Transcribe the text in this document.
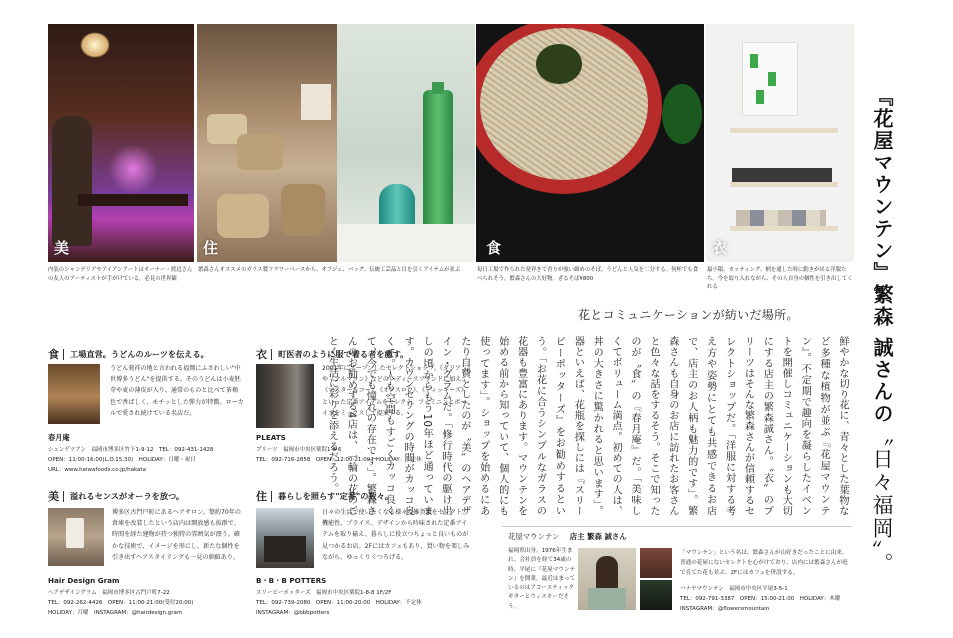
美	住	食	衣
内装のシャンデリアやアイアンアートはオーナー・渡辺さんの友人のアーティストが手がけている。必見の世界観
繁森さんオススメのガラス製フラワーベースから、オブジェ、バッグ、伝統工芸品と目を引くアイテムが並ぶ	毎日工場で作られた発祥きで香りが強い細めのそば。うどんと人気を二分する。何杯でも食べられそう。繁森さんの大好物。ざるそば¥800
最小限、カッティング、柄を通した時に動きが出る洋服たち。今を取り入れながら、その人自身の個性を引き出してくれる
『花屋マウンテン』繁森 誠さんの〝日々福岡〟。
鮮やかな切り花に、青々とした葉物など多種な植物が並ぶ『花屋マウンテン』。不定期で趣向を凝らしたイベントを開催しコミュニケーションも大切にする店主の繁森誠さん。〝衣〟のプリーツはそんな繁森さんが信頼するセレクトショップだ。「洋服に対する考え方や姿勢にとても共感できるお店で、店主のお人柄も魅力的です」。繁森さんも自身のお店に訪れたお客さんと色々な話をするそう。そこで知ったのが〝食〟の『春月庵』だ。「美味しくてボリューム満点。初めての人は、丼の大きさに驚かれると思います」。器といえば、花瓶を探しには『スリーピーポッターズ』をお勧めするという。「お花に合うシンプルなガラスの花器も豊富にあります。マウンテンを始める前から知っていて、個人的にも使ってます」。ショップを始めるにあたり自費としたのが〝美〟のヘアデザイン・グラムだ。「修行時代の駆け出しの頃からもう10年ほど通っています。カウンセリングの時間がカッコ良くて。人も空間もすごくカッコ良くて、今でも憧れの存在です」。繁森さんのお勧めする4店は、一輪の花のごとく生活に彩りを添えるだろう。
花とコミュニケーションが紡いだ場所。
食 工場直営。うどんのルーツを伝える。
うどん発祥の地と言われる福岡にふさわしい"中世博多うどん"を提供する。そのうどんは小麦胚芽や麦の薄皮が入り、通常のものと比べて茶褐色で香ばしく、モチッとした弾力が特徴。ローカルで愛され続けている名店だ。
春月庵
シュンゲツアン　福岡市博多区竹下1-9-12　TEL：092-431-1428
OPEN：11:00-16:00(L.O.15:30)　HOLIDAY：日曜・祝日
URL：www.heiwafoods.co.jp/hakata
衣 町医者のように服で着る者を癒す。
2001年にオープンしたセレクトショップ。《ダリアン》や《マルマリン》などのレディースブランドに加え、《マスター＆コー》、《オアスロウ》、《ディッキーズ》といった定番アイテムをセレクト。フェミニンとボーイズをミックスして提案する。
PLEATS
プリーツ　福岡市中央区薬院1-8-6
TEL：092-716-2858　OPEN：12:00-21:00　HOLIDAY：不定休
美 溢れるセンスがオーラを放つ。
博多区古門戸町にあるヘアサロン。築約70年の倉庫を改装したという店内は開放感も抜群で、時間を経た建物が持つ独特の雰囲気が漂う。確かな技術で、イメージを形にし、新たな個性を引き出すヘアスタイリングも一見の価値あり。
Hair Design Gram
ヘアデザイングラム　福岡市博多区古門戸町7-22
TEL：092-262-4426　OPEN：11:00-21:00(受付20:00)
HOLIDAY：月曜　INSTAGRAM：@hairdesign.gram
住 暮らしを照らす"定番"の数々。
日々の生活で使いたくなる様々な雑貨類をセレクト。機能性、プライス、デザインから吟味された定番アイテムを取り揃え、暮らしに役立つちょっと良いものが見つかるお店。2Fにはカフェもあり、買い物を楽しみながら、ゆっくりくつろげる。
B・B・B POTTERS
スリービーポッターズ　福岡市中央区薬院1-8-8 1F/2F
TEL：092-739-2080　OPEN：11:00-20:00　HOLIDAY：不定休
INSTAGRAM：@bbbpotters
花屋マウンテン 店主 繁森 誠さん
福岡県出身。1976年生まれ。会社員を経て34歳の時、平尾に『花屋マウンテン』を開業。最近はまっているのはアコースティックギターとウィスキーだそう。
「マウンテン」という名は、繁森さんが山好きだったことに由来。普通の花屋にないセレクトを心がけており、店内には繁森さんが庭で育てた花も並ぶ。2Fにはカフェを併設する。
ハナヤマウンテン　福岡市中央区平尾3-5-1
TEL：092-791-3387　OPEN：15:00-21:00　HOLIDAY：木曜
INSTAGRAM：@flowersmountain
